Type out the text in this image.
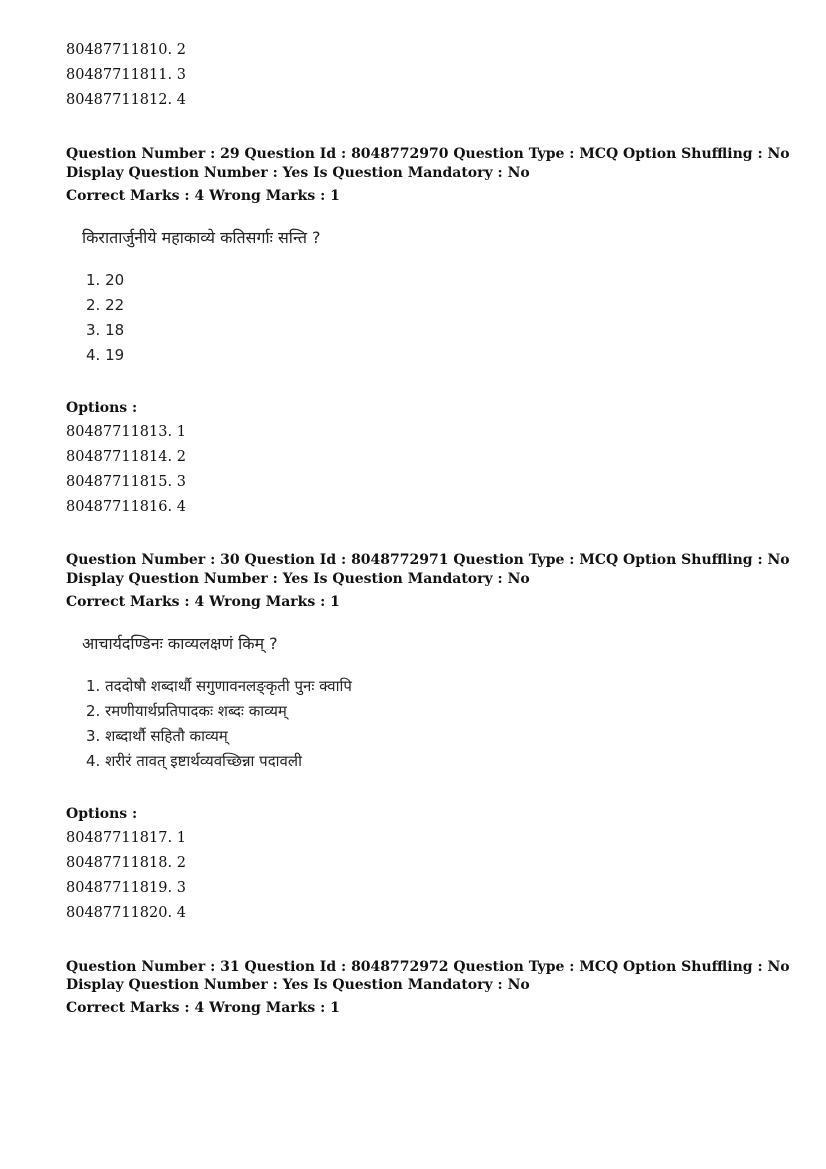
80487711810. 2
80487711811. 3
80487711812. 4
Question Number : 29 Question Id : 8048772970 Question Type : MCQ Option Shuffling : No
Display Question Number : Yes Is Question Mandatory : No
Correct Marks : 4 Wrong Marks : 1
किरातार्जुनीये महाकाव्ये कतिसर्गाः सन्ति ?
1. 20
2. 22
3. 18
4. 19
Options :
80487711813. 1
80487711814. 2
80487711815. 3
80487711816. 4
Question Number : 30 Question Id : 8048772971 Question Type : MCQ Option Shuffling : No
Display Question Number : Yes Is Question Mandatory : No
Correct Marks : 4 Wrong Marks : 1
आचार्यदण्डिनः काव्यलक्षणं किम् ?
1. तददोषौ शब्दार्थौ सगुणावनलङ्कृती पुनः क्वापि
2. रमणीयार्थप्रतिपादकः शब्दः काव्यम्
3. शब्दार्थौ सहितौ काव्यम्
4. शरीरं तावत् इष्टार्थव्यवच्छिन्ना पदावली
Options :
80487711817. 1
80487711818. 2
80487711819. 3
80487711820. 4
Question Number : 31 Question Id : 8048772972 Question Type : MCQ Option Shuffling : No
Display Question Number : Yes Is Question Mandatory : No
Correct Marks : 4 Wrong Marks : 1
